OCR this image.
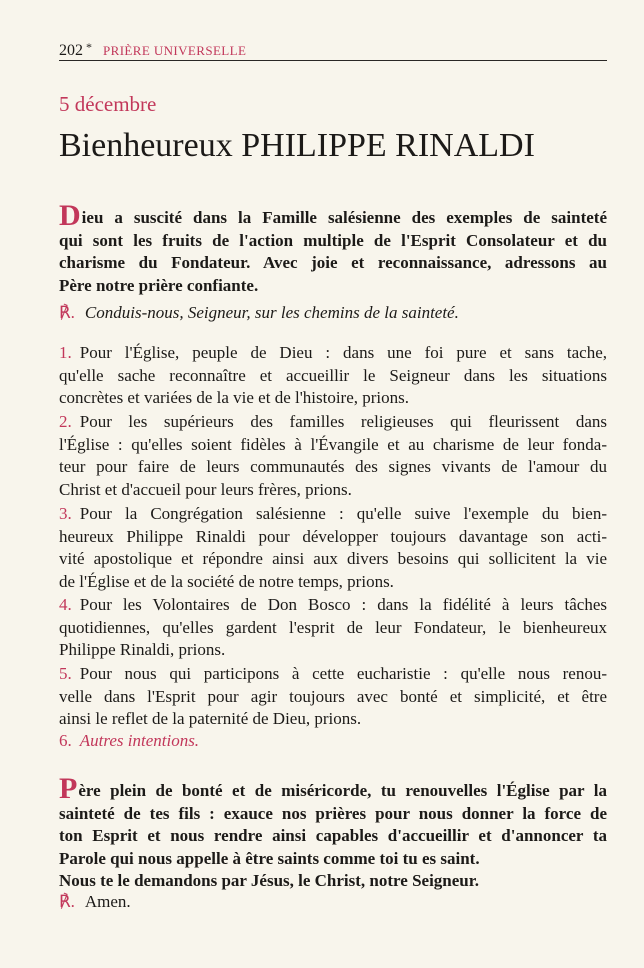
202 * PRIÈRE UNIVERSELLE
5 décembre
Bienheureux PHILIPPE RINALDI
Dieu a suscité dans la Famille salésienne des exemples de sainteté
qui sont les fruits de l'action multiple de l'Esprit Consolateur et du
charisme du Fondateur. Avec joie et reconnaissance, adressons au
Père notre prière confiante.
℟. Conduis-nous, Seigneur, sur les chemins de la sainteté.
1. Pour l'Église, peuple de Dieu : dans une foi pure et sans tache,
qu'elle sache reconnaître et accueillir le Seigneur dans les situations
concrètes et variées de la vie et de l'histoire, prions.
2. Pour les supérieurs des familles religieuses qui fleurissent dans
l'Église : qu'elles soient fidèles à l'Évangile et au charisme de leur fonda-
teur pour faire de leurs communautés des signes vivants de l'amour du
Christ et d'accueil pour leurs frères, prions.
3. Pour la Congrégation salésienne : qu'elle suive l'exemple du bien-
heureux Philippe Rinaldi pour développer toujours davantage son acti-
vité apostolique et répondre ainsi aux divers besoins qui sollicitent la vie
de l'Église et de la société de notre temps, prions.
4. Pour les Volontaires de Don Bosco : dans la fidélité à leurs tâches
quotidiennes, qu'elles gardent l'esprit de leur Fondateur, le bienheureux
Philippe Rinaldi, prions.
5. Pour nous qui participons à cette eucharistie : qu'elle nous renou-
velle dans l'Esprit pour agir toujours avec bonté et simplicité, et être
ainsi le reflet de la paternité de Dieu, prions.
6. Autres intentions.
Père plein de bonté et de miséricorde, tu renouvelles l'Église par la
sainteté de tes fils : exauce nos prières pour nous donner la force de
ton Esprit et nous rendre ainsi capables d'accueillir et d'annoncer ta
Parole qui nous appelle à être saints comme toi tu es saint.
Nous te le demandons par Jésus, le Christ, notre Seigneur.
℟. Amen.
